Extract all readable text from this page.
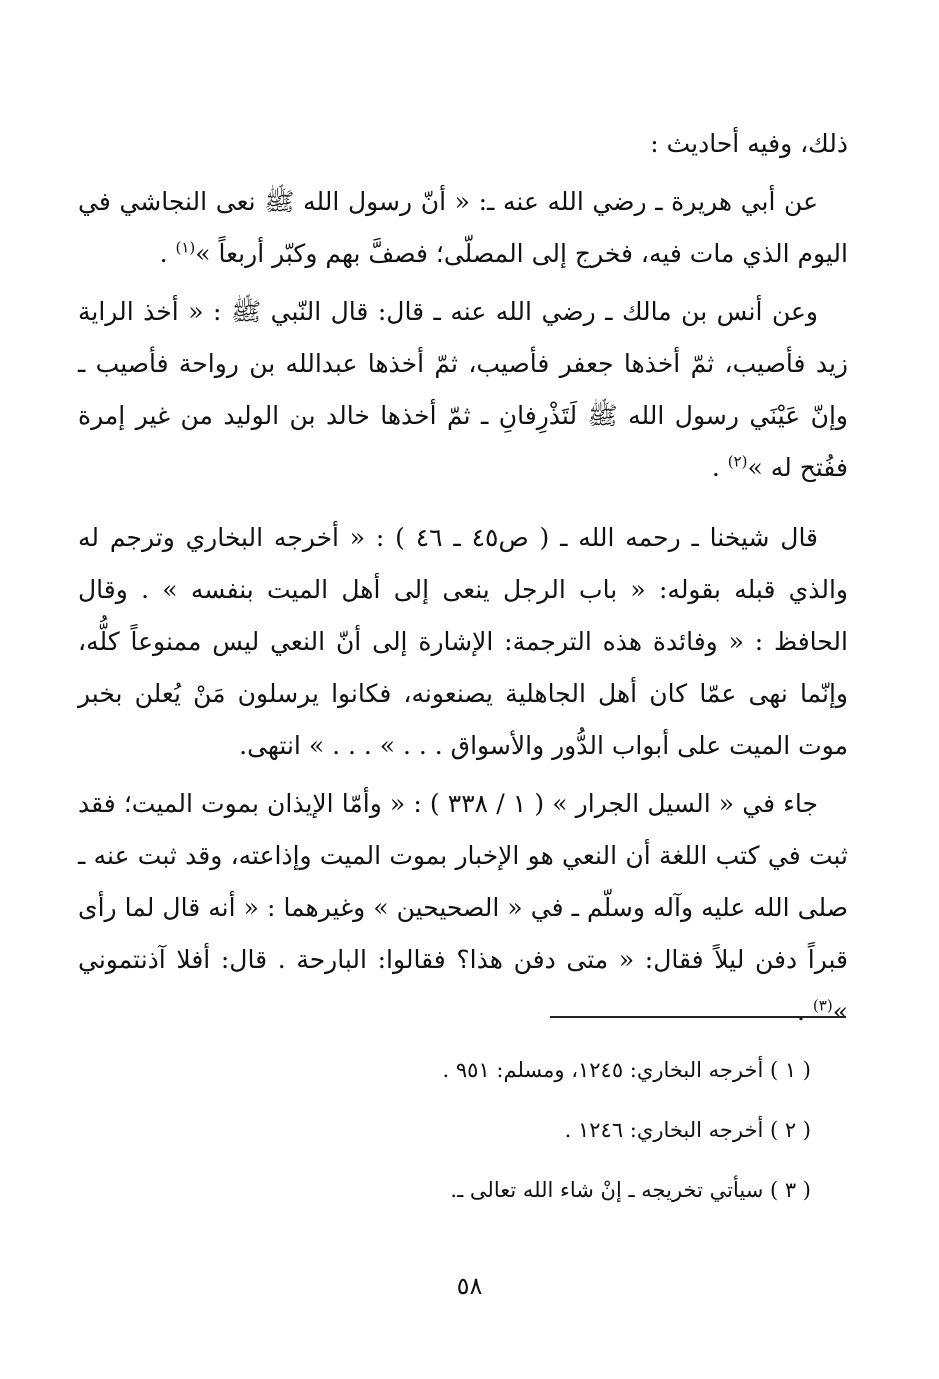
ذلك، وفيه أحاديث :

عن أبي هريرة ـ رضي الله عنه ـ: « أنّ رسول الله ﷺ نعى النجاشي في اليوم الذي مات فيه، فخرج إلى المصلّى؛ فصفَّ بهم وكبّر أربعاً »$^{(١)}$ .

وعن أنس بن مالك ـ رضي الله عنه ـ قال: قال النّبي ﷺ : « أخذ الراية زيد فأصيب، ثمّ أخذها جعفر فأصيب، ثمّ أخذها عبدالله بن رواحة فأصيب ـ وإنّ عَيْنَي رسول الله ﷺ لَتَذْرِفانِ ـ ثمّ أخذها خالد بن الوليد من غير إمرة ففُتح له »$^{(٢)}$ .

قال شيخنا ـ رحمه الله ـ ( ص٤٥ ـ ٤٦ ) : « أخرجه البخاري وترجم له والذي قبله بقوله: « باب الرجل ينعى إلى أهل الميت بنفسه » . وقال الحافظ : « وفائدة هذه الترجمة: الإشارة إلى أنّ النعي ليس ممنوعاً كلُّه، وإنّما نهى عمّا كان أهل الجاهلية يصنعونه، فكانوا يرسلون مَنْ يُعلن بخبر موت الميت على أبواب الدُّور والأسواق . . . » . . . » انتهى.

جاء في « السيل الجرار » ( ١ / ٣٣٨ ) : « وأمّا الإيذان بموت الميت؛ فقد ثبت في كتب اللغة أن النعي هو الإخبار بموت الميت وإذاعته، وقد ثبت عنه ـ صلى الله عليه وآله وسلّم ـ في « الصحيحين » وغيرهما : « أنه قال لما رأى قبراً دفن ليلاً فقال: « متى دفن هذا؟ فقالوا: البارحة . قال: أفلا آذنتموني »$^{(٣)}$ .

( ١ ) أخرجه البخاري: ١٢٤٥، ومسلم: ٩٥١ .

( ٢ ) أخرجه البخاري: ١٢٤٦ .

( ٣ ) سيأتي تخريجه ـ إنْ شاء الله تعالى ـ.

٥٨
